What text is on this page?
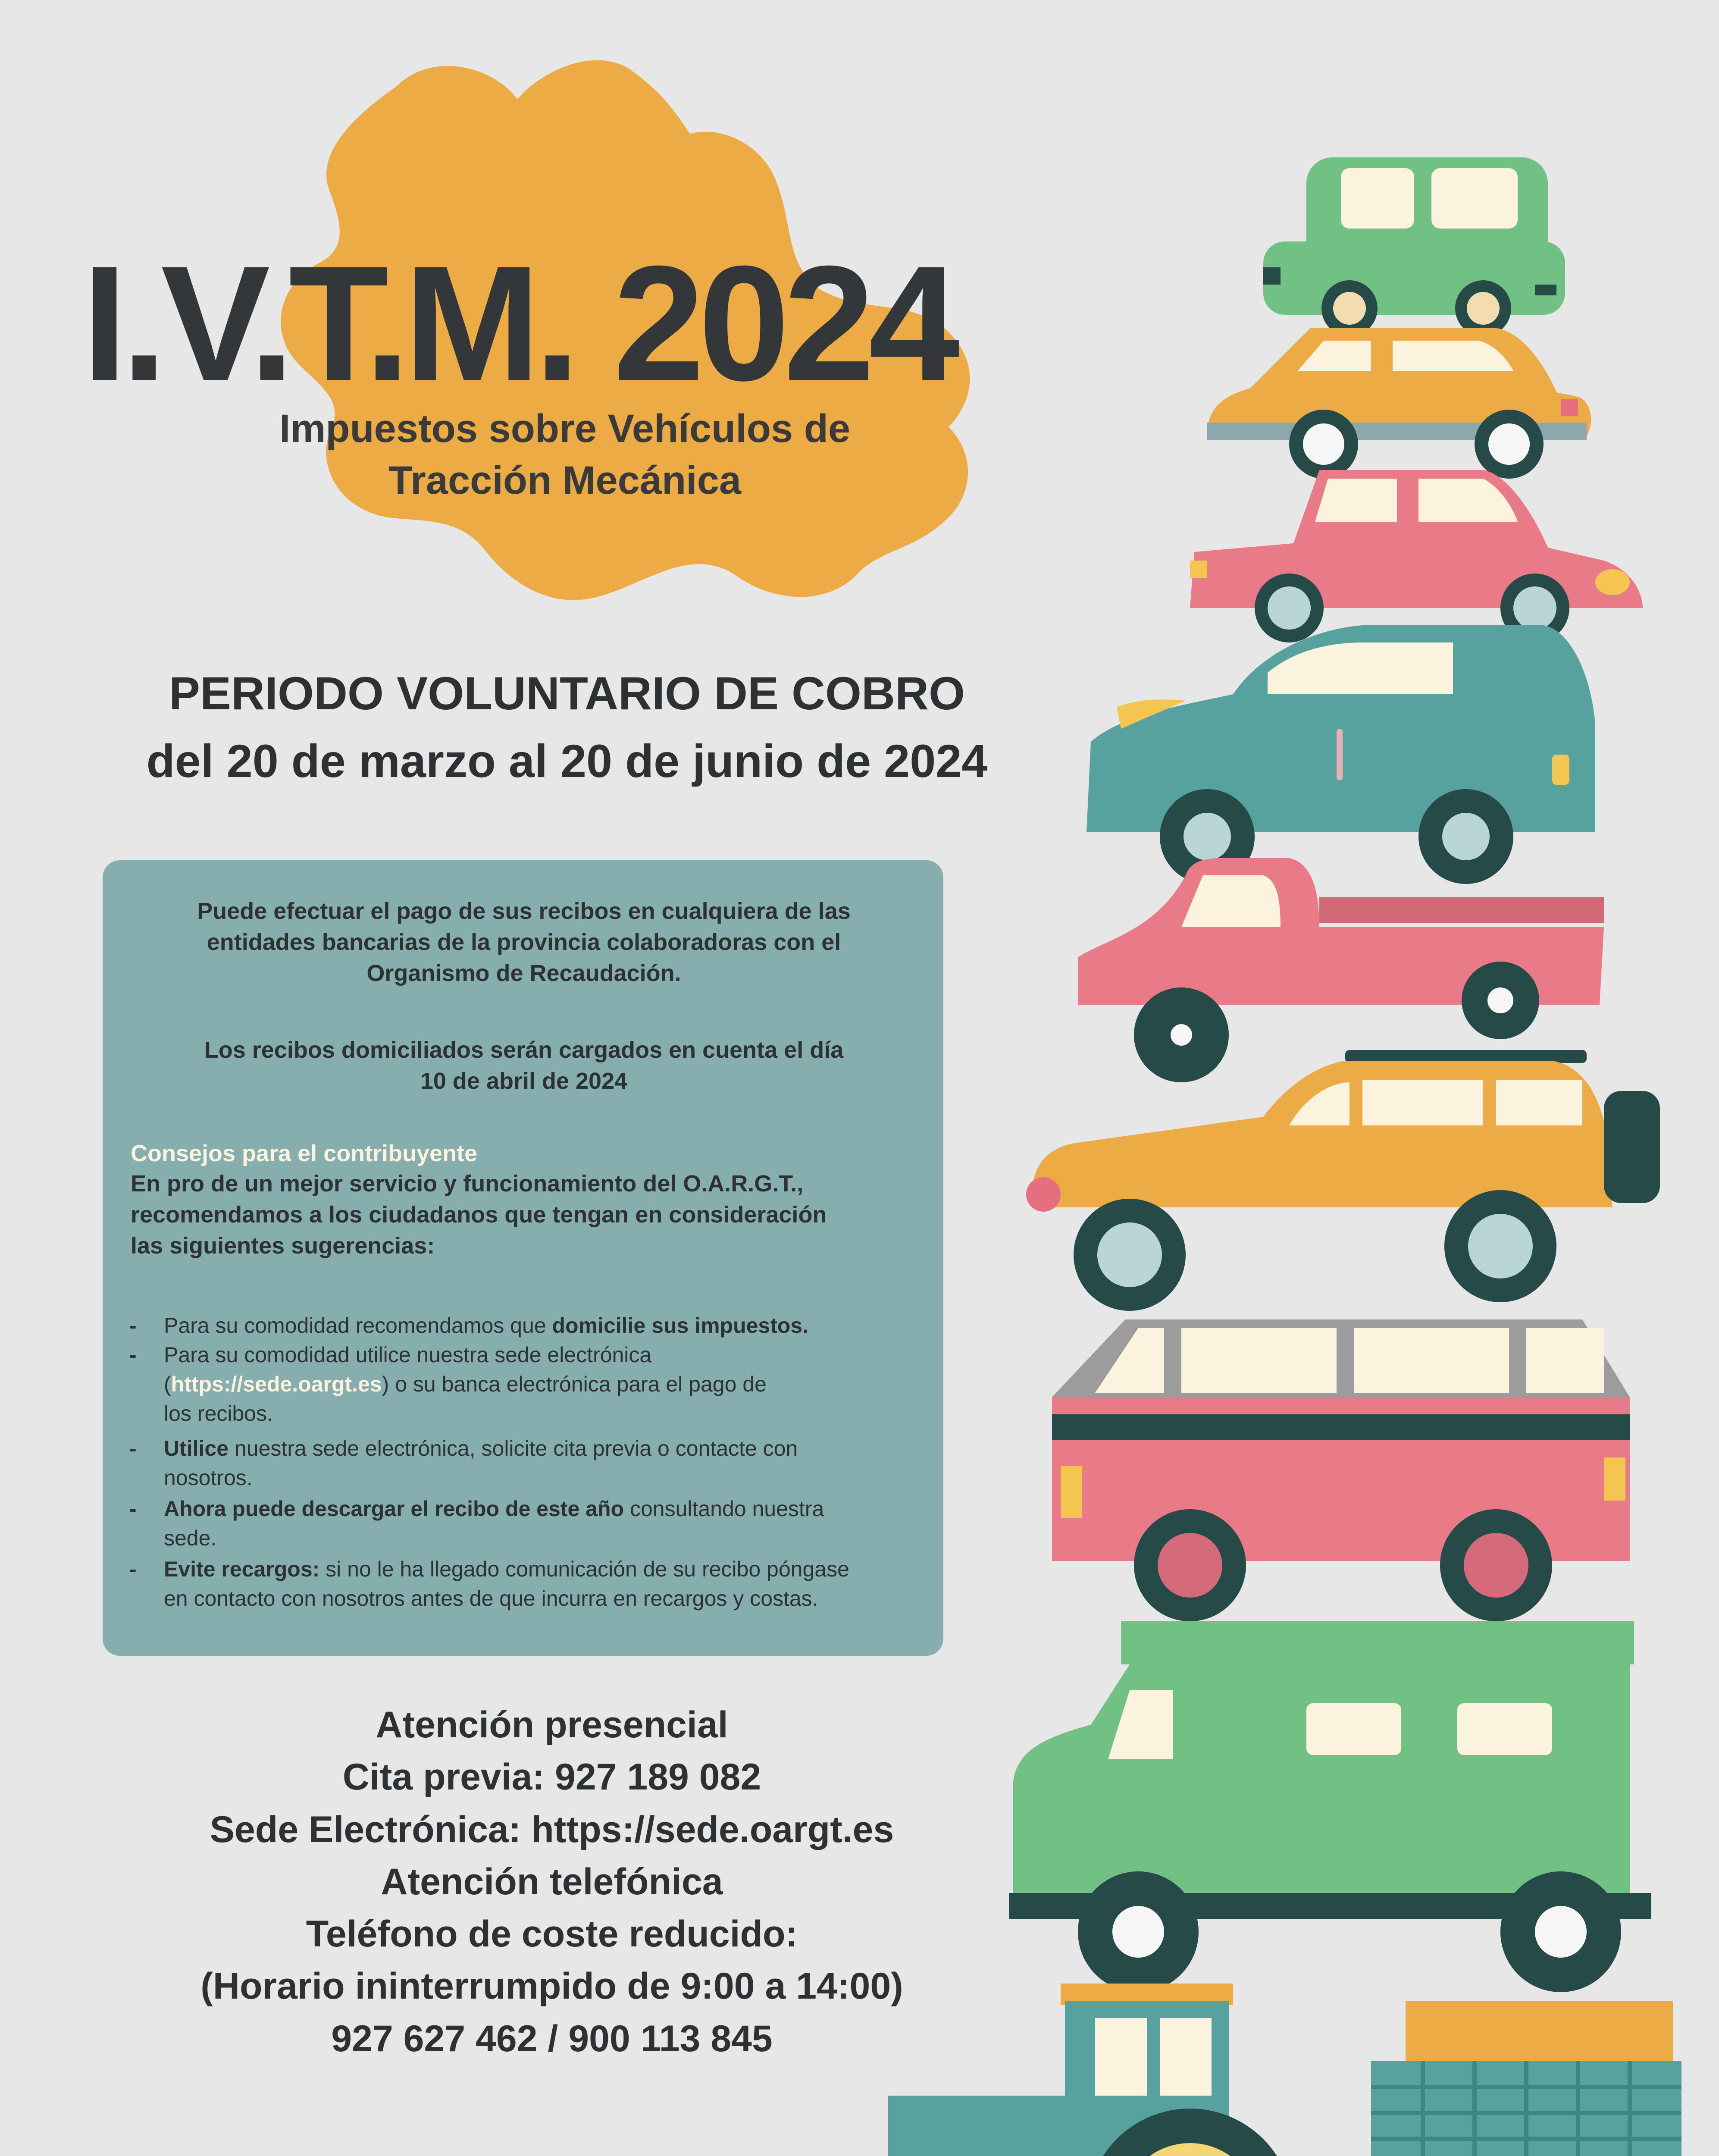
I.V.T.M. 2024
Impuestos sobre Vehículos de
Tracción Mecánica
PERIODO VOLUNTARIO DE COBRO
del 20 de marzo al 20 de junio de 2024
Puede efectuar el pago de sus recibos en cualquiera de las
entidades bancarias de la provincia colaboradoras con el
Organismo de Recaudación.
Los recibos domiciliados serán cargados en cuenta el día
10 de abril de 2024
Consejos para el contribuyente
En pro de un mejor servicio y funcionamiento del O.A.R.G.T.,
recomendamos a los ciudadanos que tengan en consideración
las siguientes sugerencias:
- Para su comodidad recomendamos que domicilie sus impuestos.
- Para su comodidad utilice nuestra sede electrónica
(https://sede.oargt.es) o su banca electrónica para el pago de
los recibos.
- Utilice nuestra sede electrónica, solicite cita previa o contacte con
nosotros.
- Ahora puede descargar el recibo de este año consultando nuestra
sede.
- Evite recargos: si no le ha llegado comunicación de su recibo póngase
en contacto con nosotros antes de que incurra en recargos y costas.
Atención presencial
Cita previa: 927 189 082
Sede Electrónica: https://sede.oargt.es
Atención telefónica
Teléfono de coste reducido:
(Horario ininterrumpido de 9:00 a 14:00)
927 627 462 / 900 113 845
